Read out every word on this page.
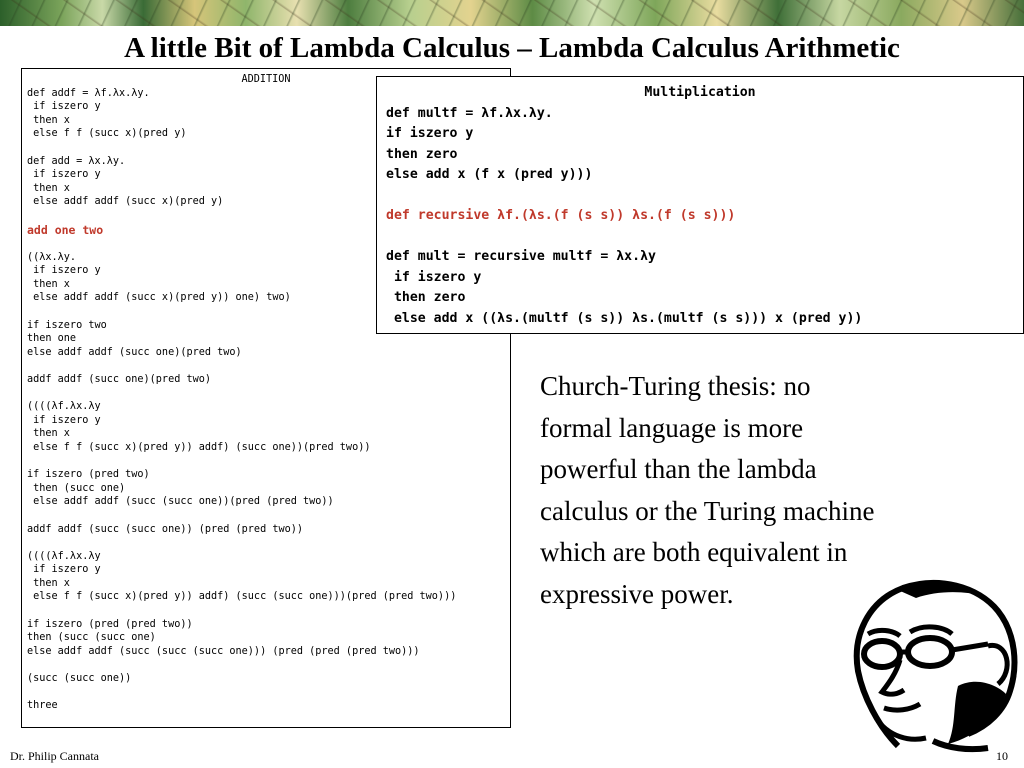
A little Bit of Lambda Calculus – Lambda Calculus Arithmetic
ADDITION
def addf = λf.λx.λy.
if iszero y
then x
else f f (succ x)(pred y)
def add = λx.λy.
if iszero y
then x
else addf addf (succ x)(pred y)
add one two
((λx.λy.
if iszero y
then x
else addf addf (succ x)(pred y)) one) two)
if iszero two
then one
else addf addf (succ one)(pred two)
addf addf (succ one)(pred two)
((((λf.λx.λy
if iszero y
then x
else f f (succ x)(pred y)) addf) (succ one))(pred two))
if iszero (pred two)
then (succ one)
else addf addf (succ (succ one))(pred (pred two))
addf addf (succ (succ one)) (pred (pred two))
((((λf.λx.λy
if iszero y
then x
else f f (succ x)(pred y)) addf) (succ (succ one)))(pred (pred two)))
if iszero (pred (pred two))
then (succ (succ one)
else addf addf (succ (succ (succ one))) (pred (pred (pred two)))
(succ (succ one))
three
Multiplication
def multf = λf.λx.λy.
if iszero y
then zero
else add x (f x (pred y)))
def recursive λf.(λs.(f (s s)) λs.(f (s s)))
def mult = recursive multf = λx.λy
if iszero y
then zero
else add x ((λs.(multf (s s)) λs.(multf (s s))) x (pred y))
Church-Turing thesis: no
formal language is more
powerful than the lambda
calculus or the Turing machine
which are both equivalent in
expressive power.
Dr. Philip Cannata	10
